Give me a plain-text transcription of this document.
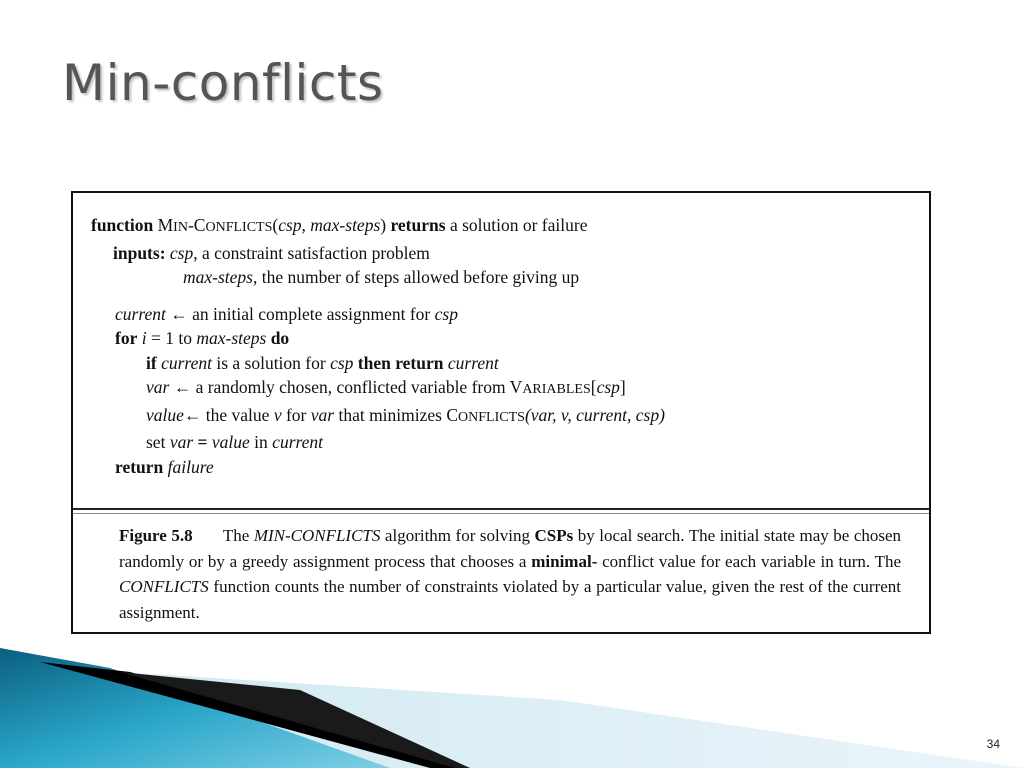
Min-conflicts
function MIN-CONFLICTS(csp, max-steps) returns a solution or failure
inputs: csp, a constraint satisfaction problem
max-steps, the number of steps allowed before giving up
current ← an initial complete assignment for csp
for i = 1 to max-steps do
if current is a solution for csp then return current
var ← a randomly chosen, conflicted variable from VARIABLES[csp]
value← the value v for var that minimizes CONFLICTS(var, v, current, csp)
set var = value in current
return failure
Figure 5.8 The MIN-CONFLICTS algorithm for solving CSPs by local search. The initial state may be chosen randomly or by a greedy assignment process that chooses a minimal- conflict value for each variable in turn. The CONFLICTS function counts the number of constraints violated by a particular value, given the rest of the current assignment.
34
